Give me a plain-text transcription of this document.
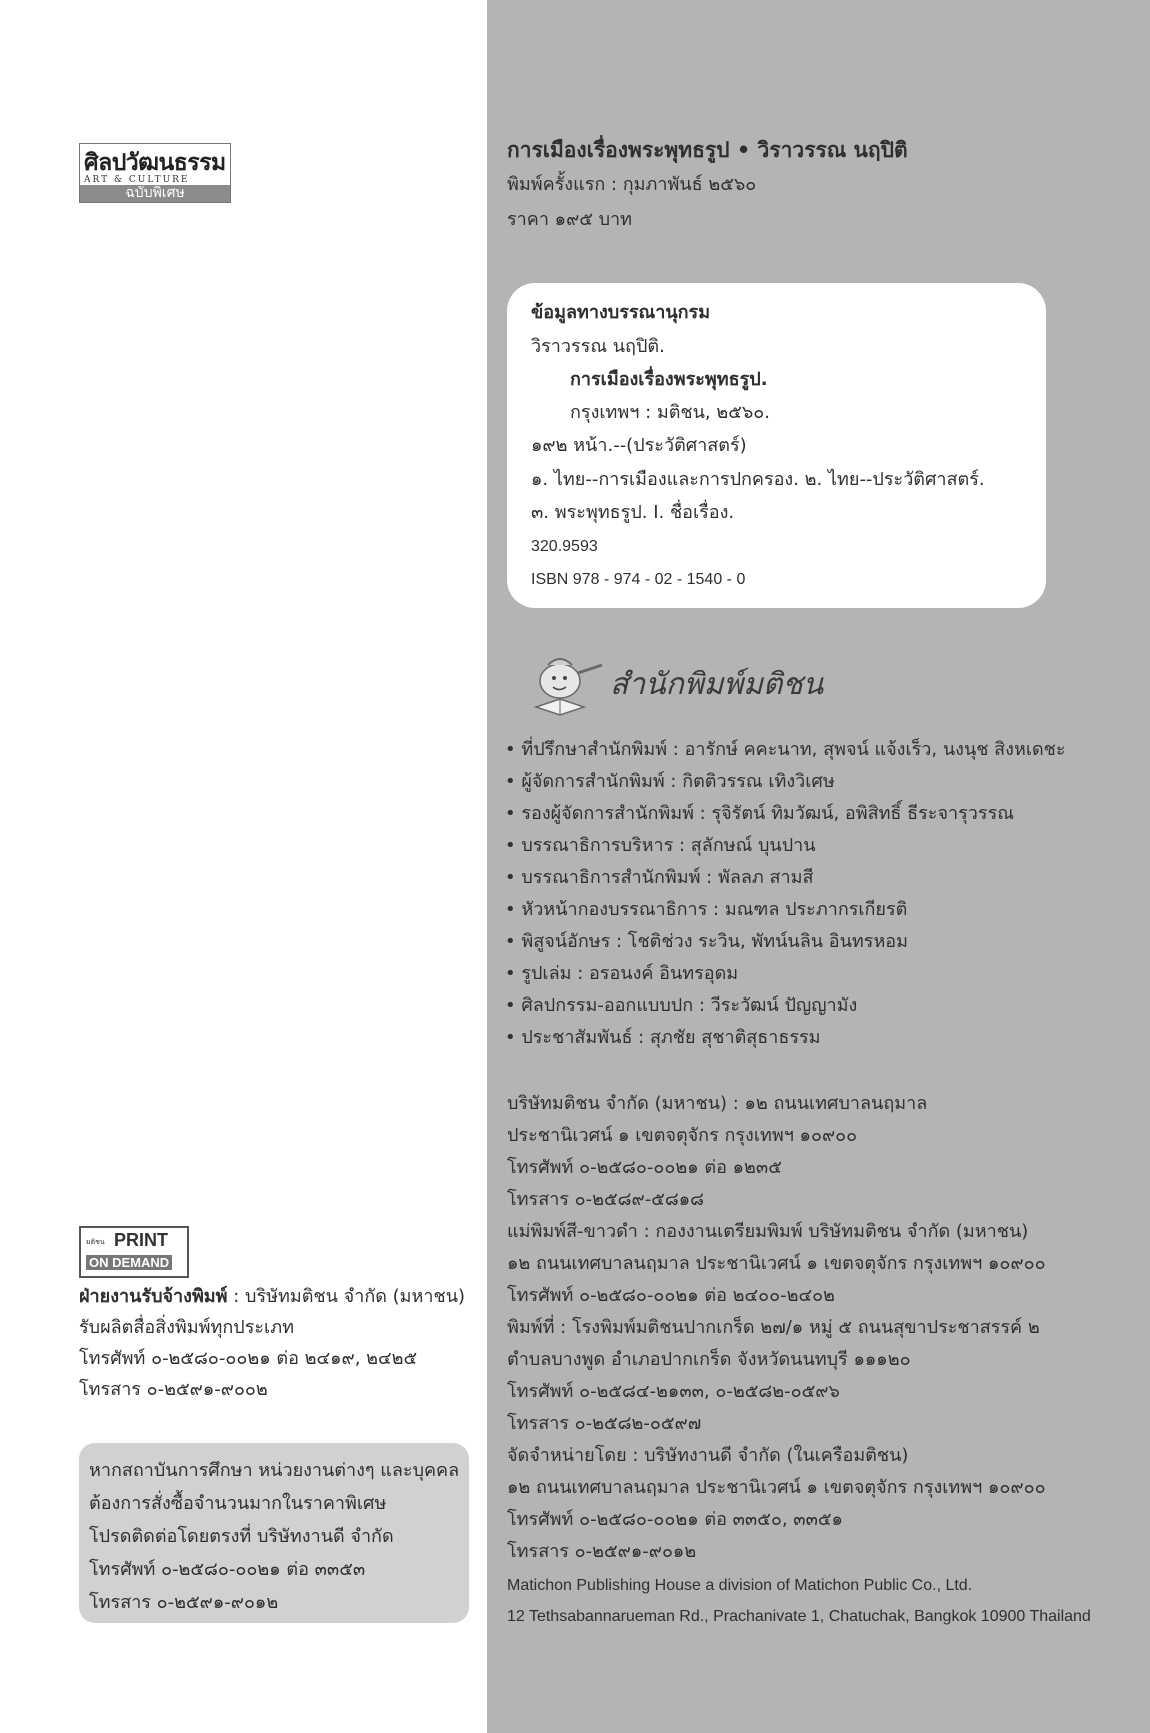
ศิลปวัฒนธรรม
ART & CULTURE
ฉบับพิเศษ
มติชน PRINT
ON DEMAND
ฝ่ายงานรับจ้างพิมพ์ : บริษัทมติชน จำกัด (มหาชน)
รับผลิตสื่อสิ่งพิมพ์ทุกประเภท
โทรศัพท์ ๐-๒๕๘๐-๐๐๒๑ ต่อ ๒๔๑๙, ๒๔๒๕
โทรสาร ๐-๒๕๙๑-๙๐๐๒
หากสถาบันการศึกษา หน่วยงานต่างๆ และบุคคล
ต้องการสั่งซื้อจำนวนมากในราคาพิเศษ
โปรดติดต่อโดยตรงที่ บริษัทงานดี จำกัด
โทรศัพท์ ๐-๒๕๘๐-๐๐๒๑ ต่อ ๓๓๕๓
โทรสาร ๐-๒๕๙๑-๙๐๑๒
การเมืองเรื่องพระพุทธรูป • วิราวรรณ นฤปิติ
พิมพ์ครั้งแรก : กุมภาพันธ์ ๒๕๖๐
ราคา ๑๙๕ บาท
ข้อมูลทางบรรณานุกรม
วิราวรรณ นฤปิติ.
การเมืองเรื่องพระพุทธรูป.
กรุงเทพฯ : มติชน, ๒๕๖๐.
๑๙๒ หน้า.--(ประวัติศาสตร์)
๑. ไทย--การเมืองและการปกครอง. ๒. ไทย--ประวัติศาสตร์.
๓. พระพุทธรูป. I. ชื่อเรื่อง.
320.9593
ISBN 978 - 974 - 02 - 1540 - 0
สำนักพิมพ์มติชน
• ที่ปรึกษาสำนักพิมพ์ : อารักษ์ คคะนาท, สุพจน์ แจ้งเร็ว, นงนุช สิงหเดชะ
• ผู้จัดการสำนักพิมพ์ : กิตติวรรณ เทิงวิเศษ
• รองผู้จัดการสำนักพิมพ์ : รุจิรัตน์ ทิมวัฒน์, อพิสิทธิ์ ธีระจารุวรรณ
• บรรณาธิการบริหาร : สุลักษณ์ บุนปาน
• บรรณาธิการสำนักพิมพ์ : พัลลภ สามสี
• หัวหน้ากองบรรณาธิการ : มณฑล ประภากรเกียรติ
• พิสูจน์อักษร : โชติช่วง ระวิน, พัทน์นลิน อินทรหอม
• รูปเล่ม : อรอนงค์ อินทรอุดม
• ศิลปกรรม-ออกแบบปก : วีระวัฒน์ ปัญญามัง
• ประชาสัมพันธ์ : สุภชัย สุชาติสุธาธรรม
บริษัทมติชน จำกัด (มหาชน) : ๑๒ ถนนเทศบาลนฤมาล
ประชานิเวศน์ ๑ เขตจตุจักร กรุงเทพฯ ๑๐๙๐๐
โทรศัพท์ ๐-๒๕๘๐-๐๐๒๑ ต่อ ๑๒๓๕
โทรสาร ๐-๒๕๘๙-๕๘๑๘
แม่พิมพ์สี-ขาวดำ : กองงานเตรียมพิมพ์ บริษัทมติชน จำกัด (มหาชน)
๑๒ ถนนเทศบาลนฤมาล ประชานิเวศน์ ๑ เขตจตุจักร กรุงเทพฯ ๑๐๙๐๐
โทรศัพท์ ๐-๒๕๘๐-๐๐๒๑ ต่อ ๒๔๐๐-๒๔๐๒
พิมพ์ที่ : โรงพิมพ์มติชนปากเกร็ด ๒๗/๑ หมู่ ๕ ถนนสุขาประชาสรรค์ ๒
ตำบลบางพูด อำเภอปากเกร็ด จังหวัดนนทบุรี ๑๑๑๒๐
โทรศัพท์ ๐-๒๕๘๔-๒๑๓๓, ๐-๒๕๘๒-๐๕๙๖
โทรสาร ๐-๒๕๘๒-๐๕๙๗
จัดจำหน่ายโดย : บริษัทงานดี จำกัด (ในเครือมติชน)
๑๒ ถนนเทศบาลนฤมาล ประชานิเวศน์ ๑ เขตจตุจักร กรุงเทพฯ ๑๐๙๐๐
โทรศัพท์ ๐-๒๕๘๐-๐๐๒๑ ต่อ ๓๓๕๐, ๓๓๕๑
โทรสาร ๐-๒๕๙๑-๙๐๑๒
Matichon Publishing House a division of Matichon Public Co., Ltd.
12 Tethsabannarueman Rd., Prachanivate 1, Chatuchak, Bangkok 10900 Thailand
